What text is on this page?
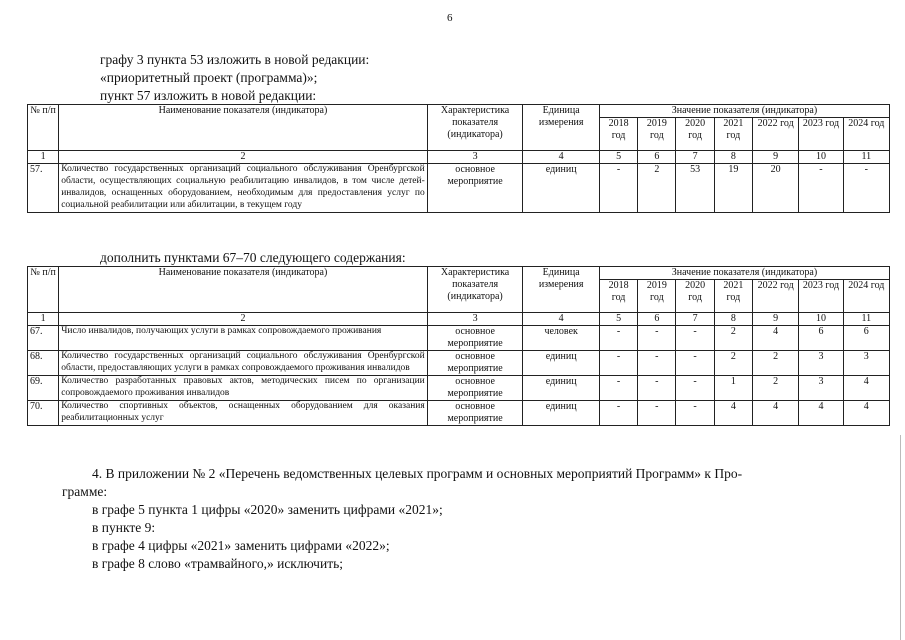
6
графу 3 пункта 53 изложить в новой редакции:
«приоритетный проект (программа)»;
пункт 57 изложить в новой редакции:
№ п/п	Наименование показателя (индикатора)	Характеристика показателя (индикатора)	Единица измерения	Значение показателя (индикатора)						
				2018 год	2019 год	2020 год	2021 год	2022 год	2023 год	2024 год
1	2	3	4	5	6	7	8	9	10	11
57.	Количество государственных организаций социального обслуживания Оренбургской области, осуществляющих социальную реабилитацию инвалидов, в том числе детей-инвалидов, оснащенных оборудованием, необходимым для предоставления услуг по социальной реабилитации или абилитации, в текущем году	основное мероприятие	единиц	-	2	53	19	20	-	-
дополнить пунктами 67–70 следующего содержания:
№ п/п	Наименование показателя (индикатора)	Характеристика показателя (индикатора)	Единица измерения	Значение показателя (индикатора)						
				2018 год	2019 год	2020 год	2021 год	2022 год	2023 год	2024 год
1	2	3	4	5	6	7	8	9	10	11
67.	Число инвалидов, получающих услуги в рамках сопровождаемого проживания	основное мероприятие	человек	-	-	-	2	4	6	6
68.	Количество государственных организаций социального обслуживания Оренбургской области, предоставляющих услуги в рамках сопровождаемого проживания инвалидов	основное мероприятие	единиц	-	-	-	2	2	3	3
69.	Количество разработанных правовых актов, методических писем по организации сопровождаемого проживания инвалидов	основное мероприятие	единиц	-	-	-	1	2	3	4
70.	Количество спортивных объектов, оснащенных оборудованием для оказания реабилитационных услуг	основное мероприятие	единиц	-	-	-	4	4	4	4
4. В приложении № 2 «Перечень ведомственных целевых программ и основных мероприятий Программ» к Про-
грамме:
в графе 5 пункта 1 цифры «2020» заменить цифрами «2021»;
в пункте 9:
в графе 4 цифры «2021» заменить цифрами «2022»;
в графе 8 слово «трамвайного,» исключить;
